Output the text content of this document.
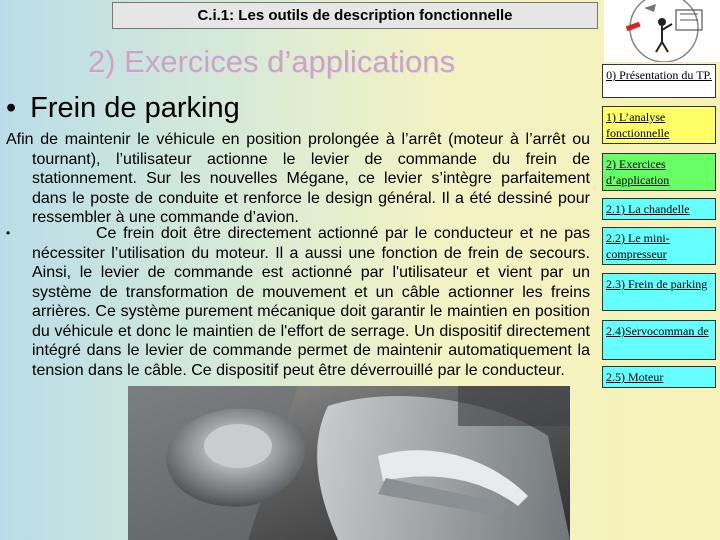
C.i.1: Les outils de description fonctionnelle
2) Exercices d’applications
• Frein de parking
Afin de maintenir le véhicule en position prolongée à l’arrêt (moteur à l’arrêt ou tournant), l’utilisateur actionne le levier de commande du frein de stationnement. Sur les nouvelles Mégane, ce levier s’intègre parfaitement dans le poste de conduite et renforce le design général. Il a été dessiné pour ressembler à une commande d’avion.
•	Ce frein doit être directement actionné par le conducteur et ne pas nécessiter l’utilisation du moteur. Il a aussi une fonction de frein de secours. Ainsi, le levier de commande est actionné par l'utilisateur et vient par un système de transformation de mouvement et un câble actionner les freins arrières. Ce système purement mécanique doit garantir le maintien en position du véhicule et donc le maintien de l'effort de serrage. Un dispositif directement intégré dans le levier de commande permet de maintenir automatiquement la tension dans le câble. Ce dispositif peut être déverrouillé par le conducteur.
0) Présentation du TP.
1) L’analyse fonctionnelle
2) Exercices d’application
2.1) La chandelle
2.2) Le mini-compresseur
2.3) Frein de parking
2.4)Servocomman de
2.5) Moteur
